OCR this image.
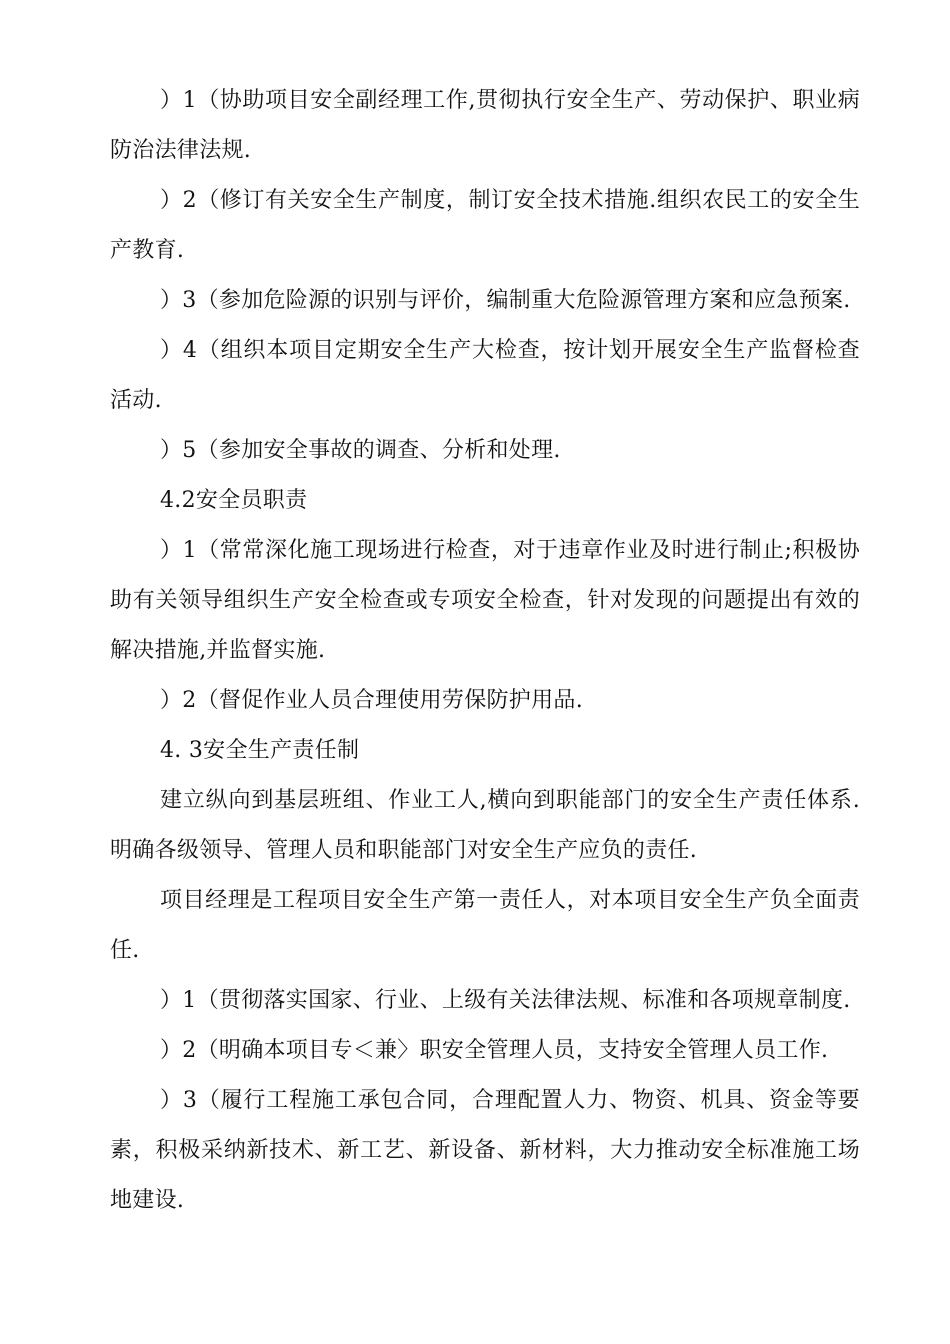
）1（协助项目安全副经理工作,贯彻执行安全生产、劳动保护、职业病防治法律法规.

）2（修订有关安全生产制度，制订安全技术措施.组织农民工的安全生产教育.

）3（参加危险源的识别与评价，编制重大危险源管理方案和应急预案.

）4（组织本项目定期安全生产大检查，按计划开展安全生产监督检查活动.

）5（参加安全事故的调查、分析和处理.

4.2安全员职责

）1（常常深化施工现场进行检查，对于违章作业及时进行制止;积极协助有关领导组织生产安全检查或专项安全检查，针对发现的问题提出有效的解决措施,并监督实施.

）2（督促作业人员合理使用劳保防护用品.

4. 3安全生产责任制

建立纵向到基层班组、作业工人,横向到职能部门的安全生产责任体系.明确各级领导、管理人员和职能部门对安全生产应负的责任.

项目经理是工程项目安全生产第一责任人，对本项目安全生产负全面责任.

）1（贯彻落实国家、行业、上级有关法律法规、标准和各项规章制度.

）2（明确本项目专＜兼〉职安全管理人员，支持安全管理人员工作.

）3（履行工程施工承包合同，合理配置人力、物资、机具、资金等要素，积极采纳新技术、新工艺、新设备、新材料，大力推动安全标准施工场地建设.
